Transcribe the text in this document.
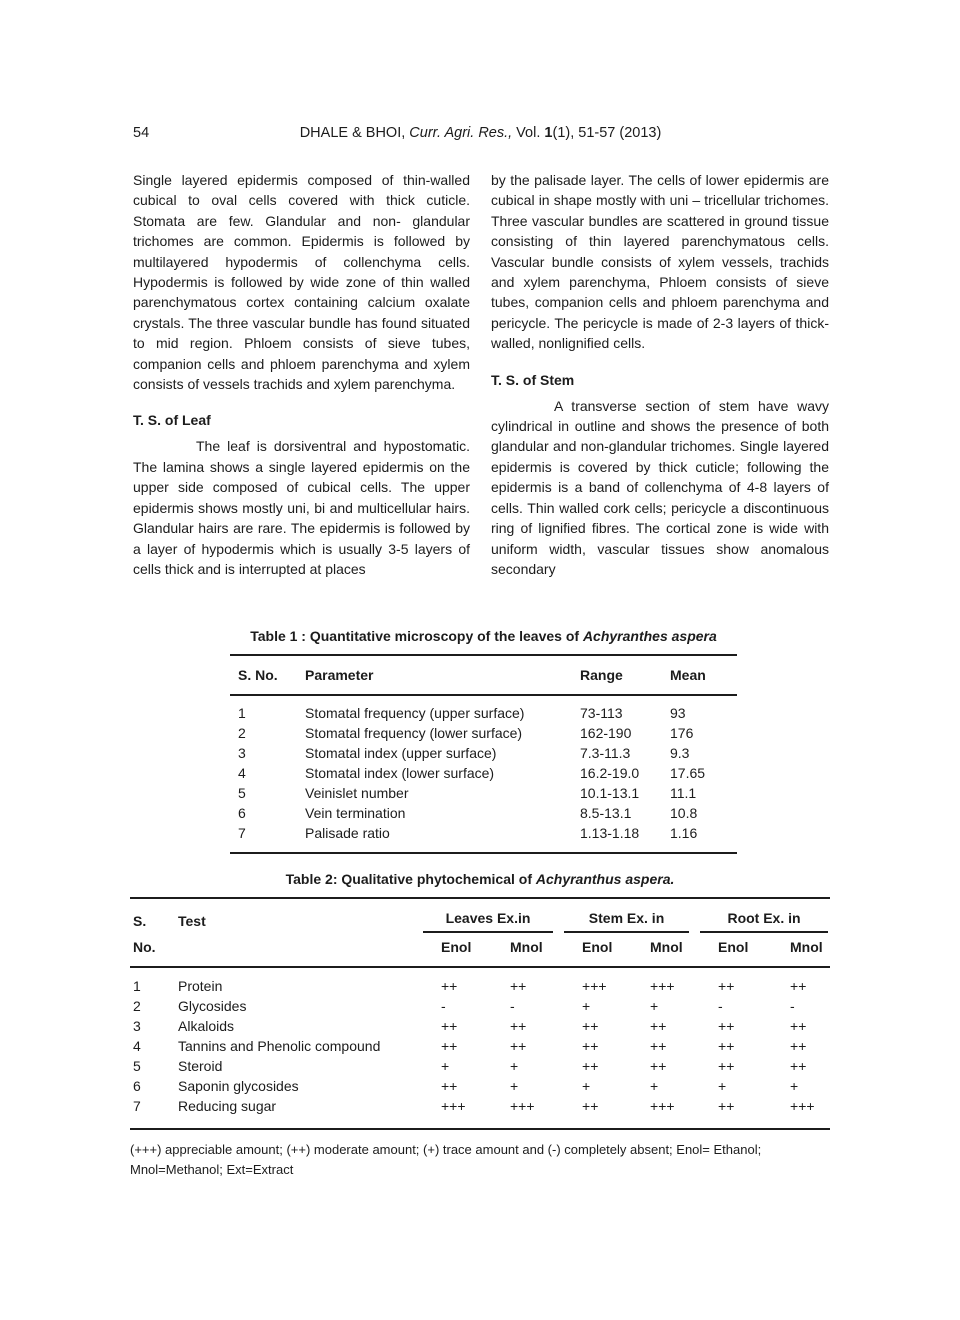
54	DHALE & BHOI, Curr. Agri. Res., Vol. 1(1), 51-57 (2013)

Single layered epidermis composed of thin-walled cubical to oval cells covered with thick cuticle. Stomata are few. Glandular and non- glandular trichomes are common. Epidermis is followed by multilayered hypodermis of collenchyma cells. Hypodermis is followed by wide zone of thin walled parenchymatous cortex containing calcium oxalate crystals. The three vascular bundle has found situated to mid region. Phloem consists of sieve tubes, companion cells and phloem parenchyma and xylem consists of vessels trachids and xylem parenchyma.

T. S. of Leaf

The leaf is dorsiventral and hypostomatic. The lamina shows a single layered epidermis on the upper side composed of cubical cells. The upper epidermis shows mostly uni, bi and multicellular hairs. Glandular hairs are rare. The epidermis is followed by a layer of hypodermis which is usually 3-5 layers of cells thick and is interrupted at places

by the palisade layer. The cells of lower epidermis are cubical in shape mostly with uni – tricellular trichomes. Three vascular bundles are scattered in ground tissue consisting of thin layered parenchymatous cells. Vascular bundle consists of xylem vessels, trachids and xylem parenchyma, Phloem consists of sieve tubes, companion cells and phloem parenchyma and pericycle. The pericycle is made of 2-3 layers of thick-walled, nonlignified cells.

T. S. of Stem

A transverse section of stem have wavy cylindrical in outline and shows the presence of both glandular and non-glandular trichomes. Single layered epidermis is covered by thick cuticle; following the epidermis is a band of collenchyma of 4-8 layers of cells. Thin walled cork cells; pericycle a discontinuous ring of lignified fibres. The cortical zone is wide with uniform width, vascular tissues show anomalous secondary

Table 1 : Quantitative microscopy of the leaves of Achyranthes aspera
S. No.	Parameter	Range	Mean
1	Stomatal frequency (upper surface)	73-113	93
2	Stomatal frequency (lower surface)	162-190	176
3	Stomatal index (upper surface)	7.3-11.3	9.3
4	Stomatal index (lower surface)	16.2-19.0	17.65
5	Veinislet number	10.1-13.1	11.1
6	Vein termination	8.5-13.1	10.8
7	Palisade ratio	1.13-1.18	1.16
Table 2: Qualitative phytochemical of Achyranthus aspera.
S.	Test	Leaves Ex.in		Stem Ex. in		Root Ex. in	

No.		Enol	Mnol	Enol	Mnol	Enol	Mnol
1	Protein	++	++	+++	+++	++	++
2	Glycosides	-	-	+	+	-	-
3	Alkaloids	++	++	++	++	++	++
4	Tannins and Phenolic compound	++	++	++	++	++	++
5	Steroid	+	+	++	++	++	++
6	Saponin glycosides	++	+	+	+	+	+
7	Reducing sugar	+++	+++	++	+++	++	+++
(+++) appreciable amount; (++) moderate amount; (+) trace amount and (-) completely absent; Enol= Ethanol;
Mnol=Methanol; Ext=Extract
